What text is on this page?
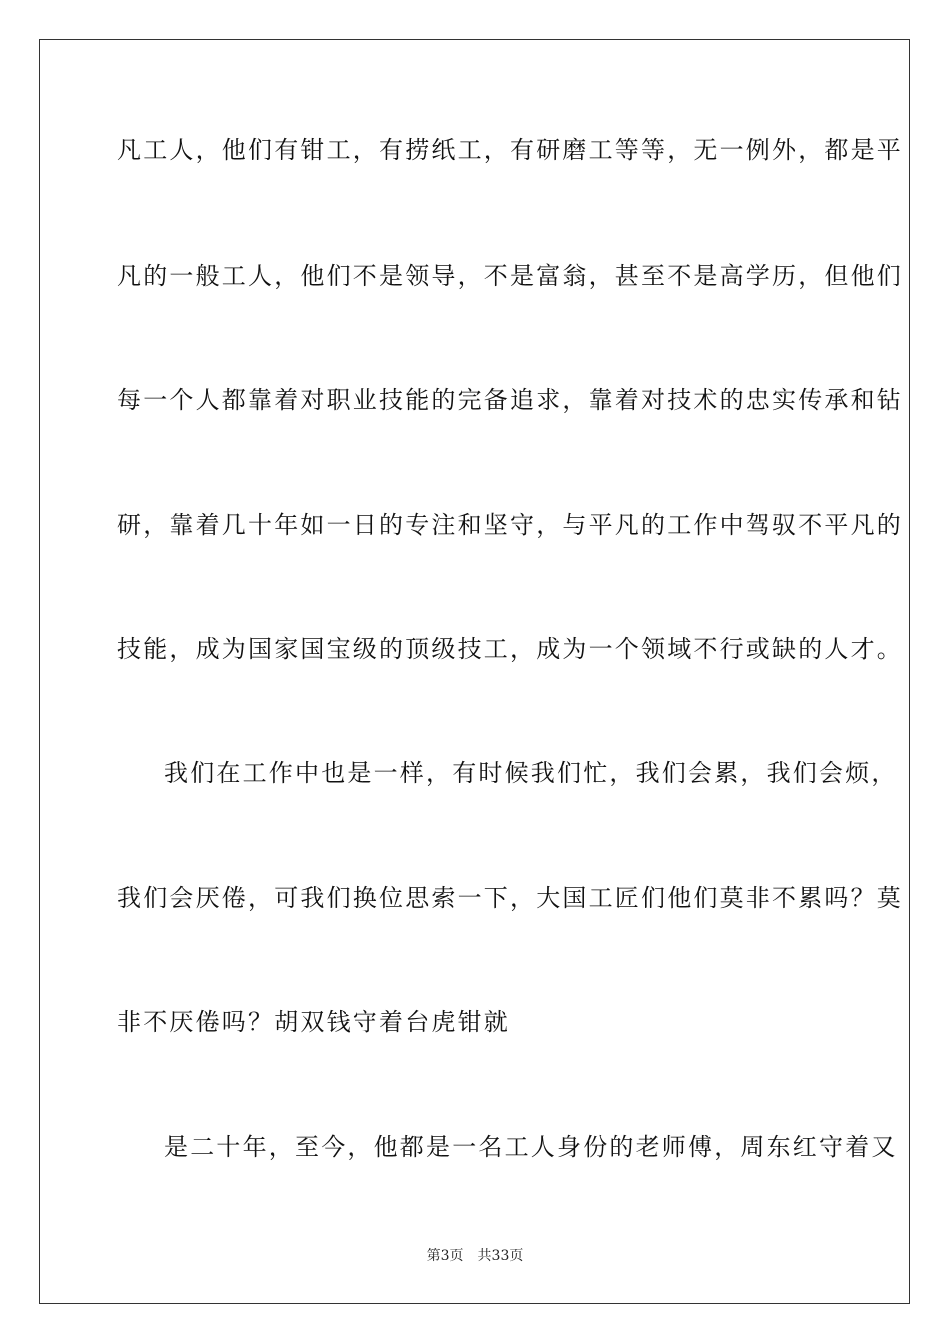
凡工人，他们有钳工，有捞纸工，有研磨工等等，无一例外，都是平
凡的一般工人，他们不是领导，不是富翁，甚至不是高学历，但他们
每一个人都靠着对职业技能的完备追求，靠着对技术的忠实传承和钻
研，靠着几十年如一日的专注和坚守，与平凡的工作中驾驭不平凡的
技能，成为国家国宝级的顶级技工，成为一个领域不行或缺的人才。
我们在工作中也是一样，有时候我们忙，我们会累，我们会烦，
我们会厌倦，可我们换位思索一下，大国工匠们他们莫非不累吗？莫
非不厌倦吗？胡双钱守着台虎钳就
是二十年，至今，他都是一名工人身份的老师傅，周东红守着又
第3页 共33页
